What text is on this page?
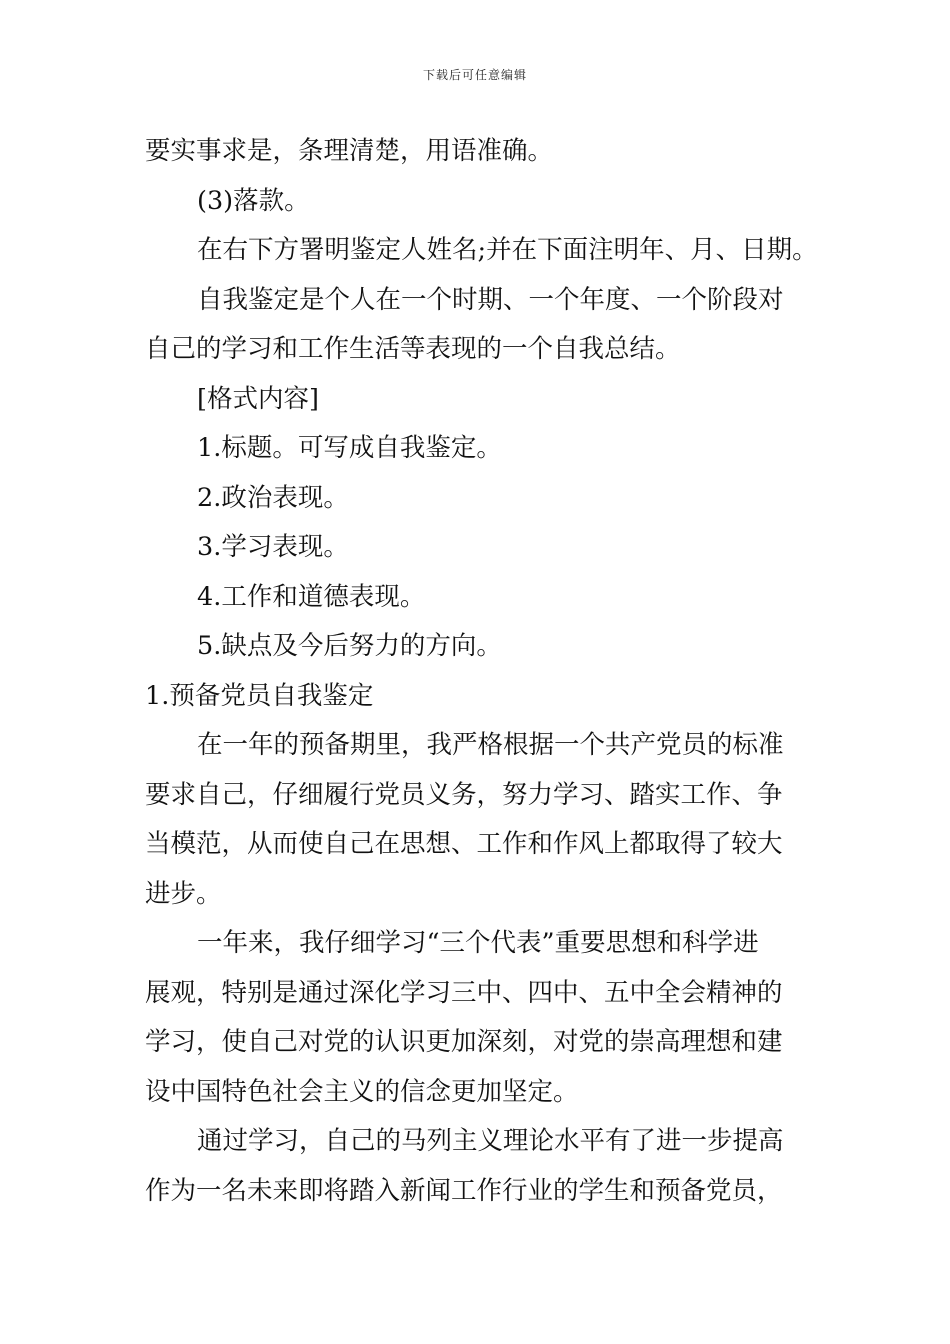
下载后可任意编辑
要实事求是，条理清楚，用语准确。
(3)落款。
在右下方署明鉴定人姓名;并在下面注明年、月、日期。
自我鉴定是个人在一个时期、一个年度、一个阶段对
自己的学习和工作生活等表现的一个自我总结。
[格式内容]
1.标题。可写成自我鉴定。
2.政治表现。
3.学习表现。
4.工作和道德表现。
5.缺点及今后努力的方向。
1.预备党员自我鉴定
在一年的预备期里，我严格根据一个共产党员的标准
要求自己，仔细履行党员义务，努力学习、踏实工作、争
当模范，从而使自己在思想、工作和作风上都取得了较大
进步。
一年来，我仔细学习“三个代表”重要思想和科学进
展观，特别是通过深化学习三中、四中、五中全会精神的
学习，使自己对党的认识更加深刻，对党的崇高理想和建
设中国特色社会主义的信念更加坚定。
通过学习，自己的马列主义理论水平有了进一步提高
作为一名未来即将踏入新闻工作行业的学生和预备党员，
